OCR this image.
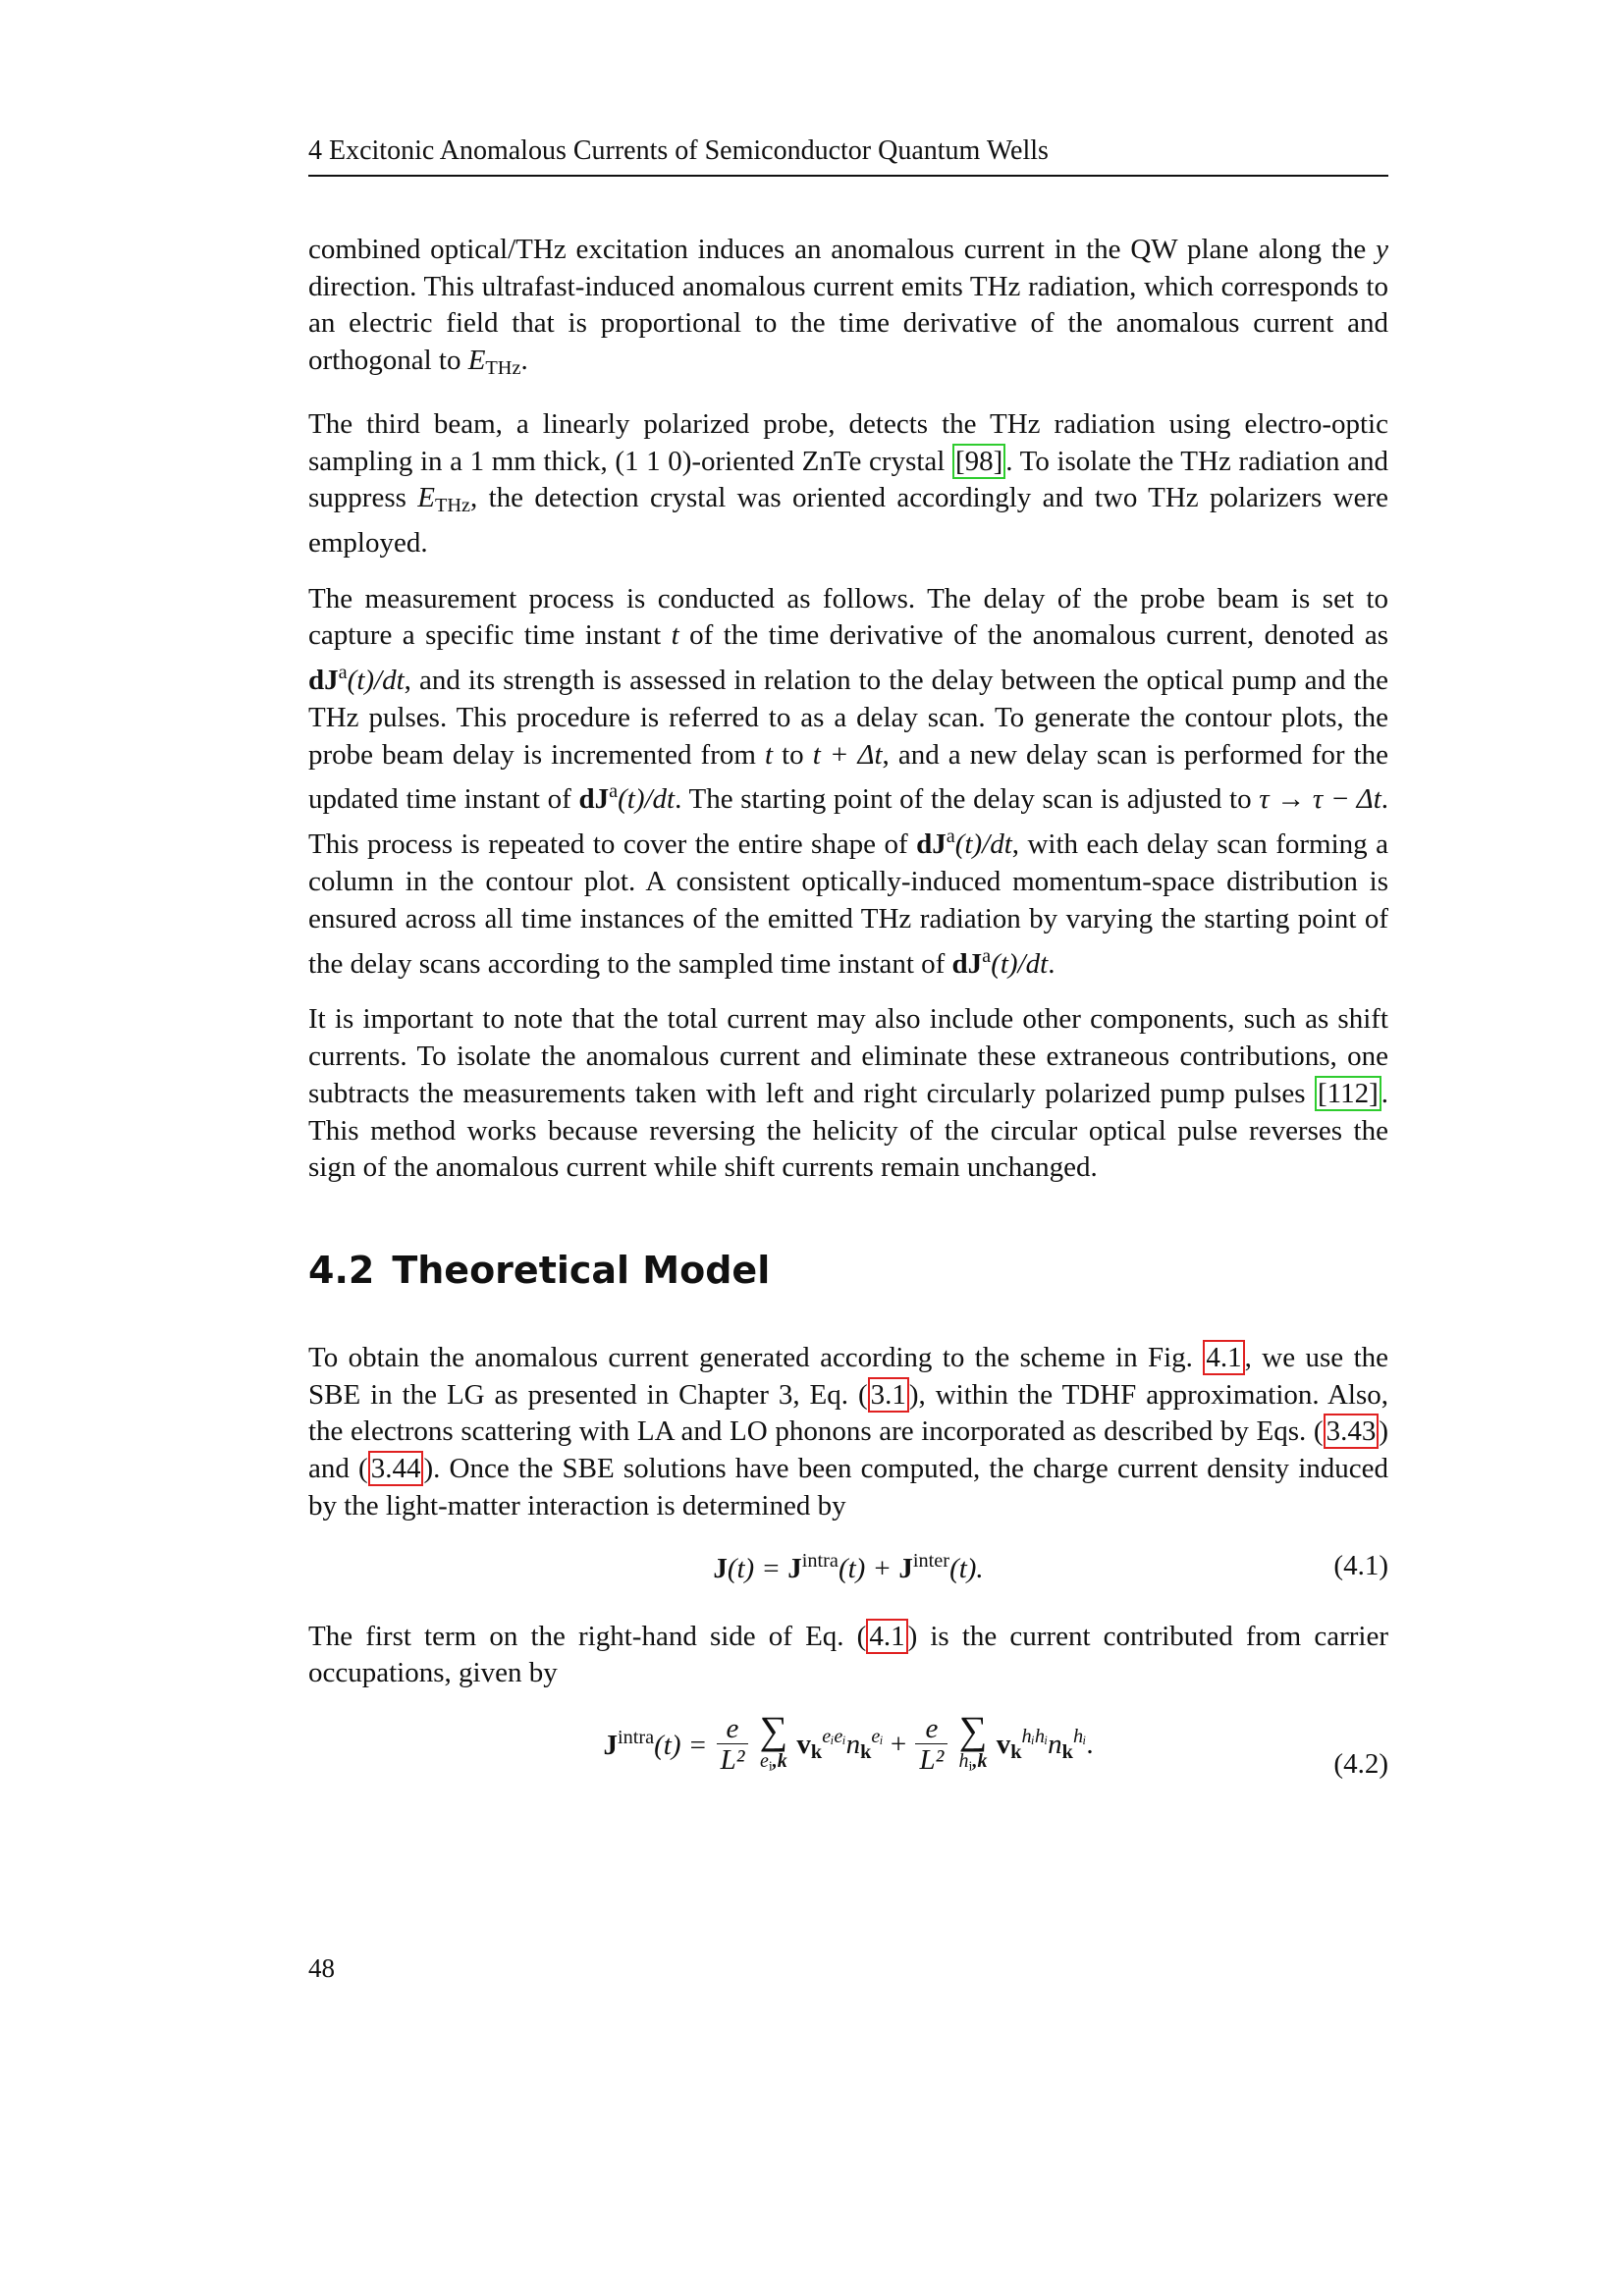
4 Excitonic Anomalous Currents of Semiconductor Quantum Wells

combined optical/THz excitation induces an anomalous current in the QW plane along the y direction. This ultrafast-induced anomalous current emits THz radiation, which corresponds to an electric field that is proportional to the time derivative of the anomalous current and orthogonal to $E_{THz}$.

The third beam, a linearly polarized probe, detects the THz radiation using electro-optic sampling in a 1 mm thick, (1 1 0)-oriented ZnTe crystal [98] . To isolate the THz radiation and suppress $E_{THz}$, the detection crystal was oriented accordingly and two THz polarizers were employed.

The measurement process is conducted as follows. The delay of the probe beam is set to capture a specific time instant t of the time derivative of the anomalous current, denoted as $dJ^a(t)/dt$, and its strength is assessed in relation to the delay between the optical pump and the THz pulses. This procedure is referred to as a delay scan. To generate the contour plots, the probe beam delay is incremented from t to t + Δt, and a new delay scan is performed for the updated time instant of $dJ^a(t)/dt$. The starting point of the delay scan is adjusted to τ → τ − Δt. This process is repeated to cover the entire shape of $dJ^a(t)/dt$, with each delay scan forming a column in the contour plot. A consistent optically-induced momentum-space distribution is ensured across all time instances of the emitted THz radiation by varying the starting point of the delay scans according to the sampled time instant of $dJ^a(t)/dt$.

It is important to note that the total current may also include other components, such as shift currents. To isolate the anomalous current and eliminate these extraneous contributions, one subtracts the measurements taken with left and right circularly polarized pump pulses [112] . This method works because reversing the helicity of the circular optical pulse reverses the sign of the anomalous current while shift currents remain unchanged.

4.2 Theoretical Model

To obtain the anomalous current generated according to the scheme in Fig. 4.1 , we use the SBE in the LG as presented in Chapter 3, Eq. ( 3.1 ), within the TDHF approximation. Also, the electrons scattering with LA and LO phonons are incorporated as described by Eqs. ( 3.43 ) and ( 3.44 ). Once the SBE solutions have been computed, the charge current density induced by the light-matter interaction is determined by

$J(t) = J^{intra}(t) + J^{inter}(t)$.	(4.1)

The first term on the right-hand side of Eq. ( 4.1 ) is the current contributed from carrier occupations, given by

$J^{intra}(t) = \frac{e}{\text{L²}}$
∑
$e_i,k$
$v_k^{eᵢeᵢ}n_k^{eᵢ} + \frac{e}{\text{L²}}$
∑
$h_i,k$
$v_k^{hᵢhᵢ}n_k^{hᵢ}$.
(4.2)
48
